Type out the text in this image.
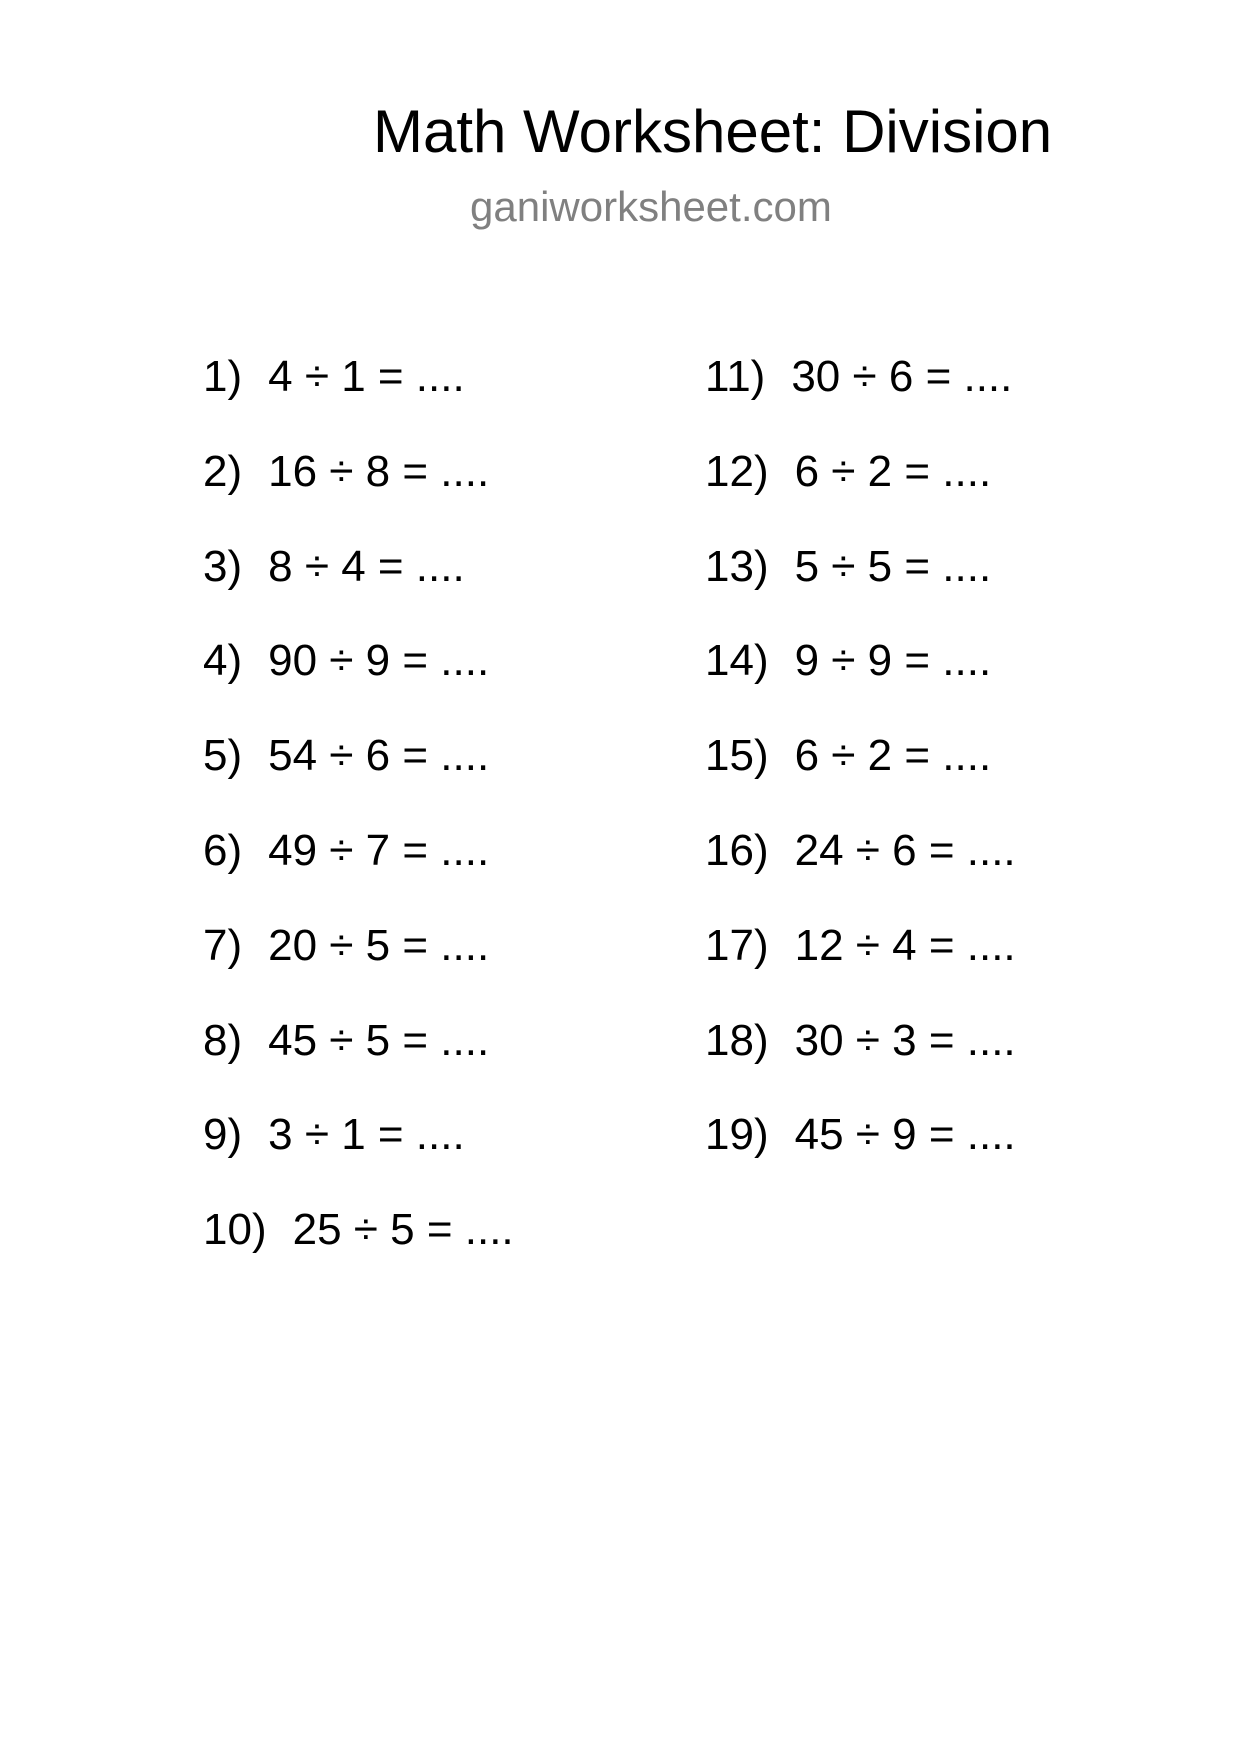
Math Worksheet: Division
ganiworksheet.com
1) 4 ÷ 1 = ....
2) 16 ÷ 8 = ....
3) 8 ÷ 4 = ....
4) 90 ÷ 9 = ....
5) 54 ÷ 6 = ....
6) 49 ÷ 7 = ....
7) 20 ÷ 5 = ....
8) 45 ÷ 5 = ....
9) 3 ÷ 1 = ....
10) 25 ÷ 5 = ....
11) 30 ÷ 6 = ....
12) 6 ÷ 2 = ....
13) 5 ÷ 5 = ....
14) 9 ÷ 9 = ....
15) 6 ÷ 2 = ....
16) 24 ÷ 6 = ....
17) 12 ÷ 4 = ....
18) 30 ÷ 3 = ....
19) 45 ÷ 9 = ....
